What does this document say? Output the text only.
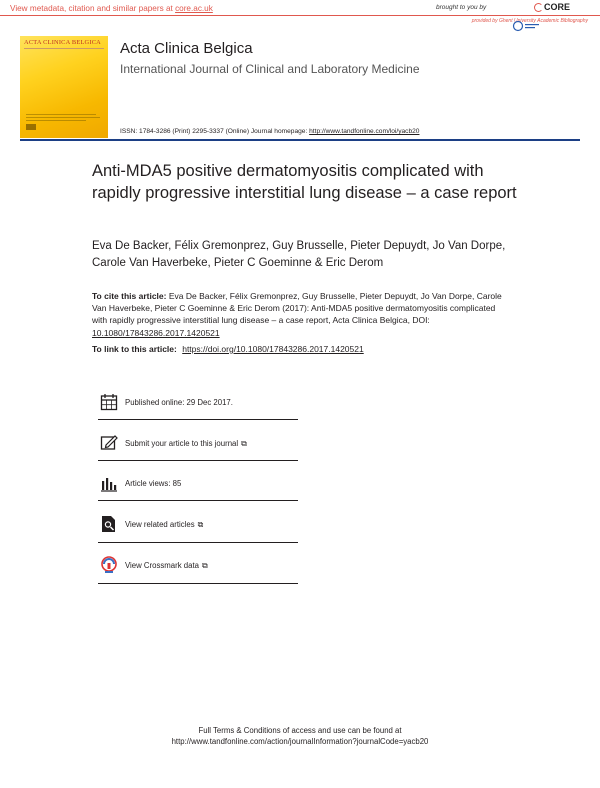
View metadata, citation and similar papers at core.ac.uk	brought to you by	CORE
provided by Ghent University Academic Bibliography
ACTA CLINICA BELGICA Acta Clinica Belgica
International Journal of Clinical and Laboratory Medicine
ISSN: 1784-3286 (Print) 2295-3337 (Online) Journal homepage: http://www.tandfonline.com/loi/yacb20
Anti-MDA5 positive dermatomyositis complicated with rapidly progressive interstitial lung disease – a case report
Eva De Backer, Félix Gremonprez, Guy Brusselle, Pieter Depuydt, Jo Van Dorpe, Carole Van Haverbeke, Pieter C Goeminne & Eric Derom
To cite this article: Eva De Backer, Félix Gremonprez, Guy Brusselle, Pieter Depuydt, Jo Van Dorpe, Carole Van Haverbeke, Pieter C Goeminne & Eric Derom (2017): Anti-MDA5 positive dermatomyositis complicated with rapidly progressive interstitial lung disease – a case report, Acta Clinica Belgica, DOI: 10.1080/17843286.2017.1420521
To link to this article: https://doi.org/10.1080/17843286.2017.1420521
Published online: 29 Dec 2017.
Submit your article to this journal ⧉
Article views: 85
View related articles ⧉
View Crossmark data ⧉
Full Terms & Conditions of access and use can be found at
http://www.tandfonline.com/action/journalInformation?journalCode=yacb20
